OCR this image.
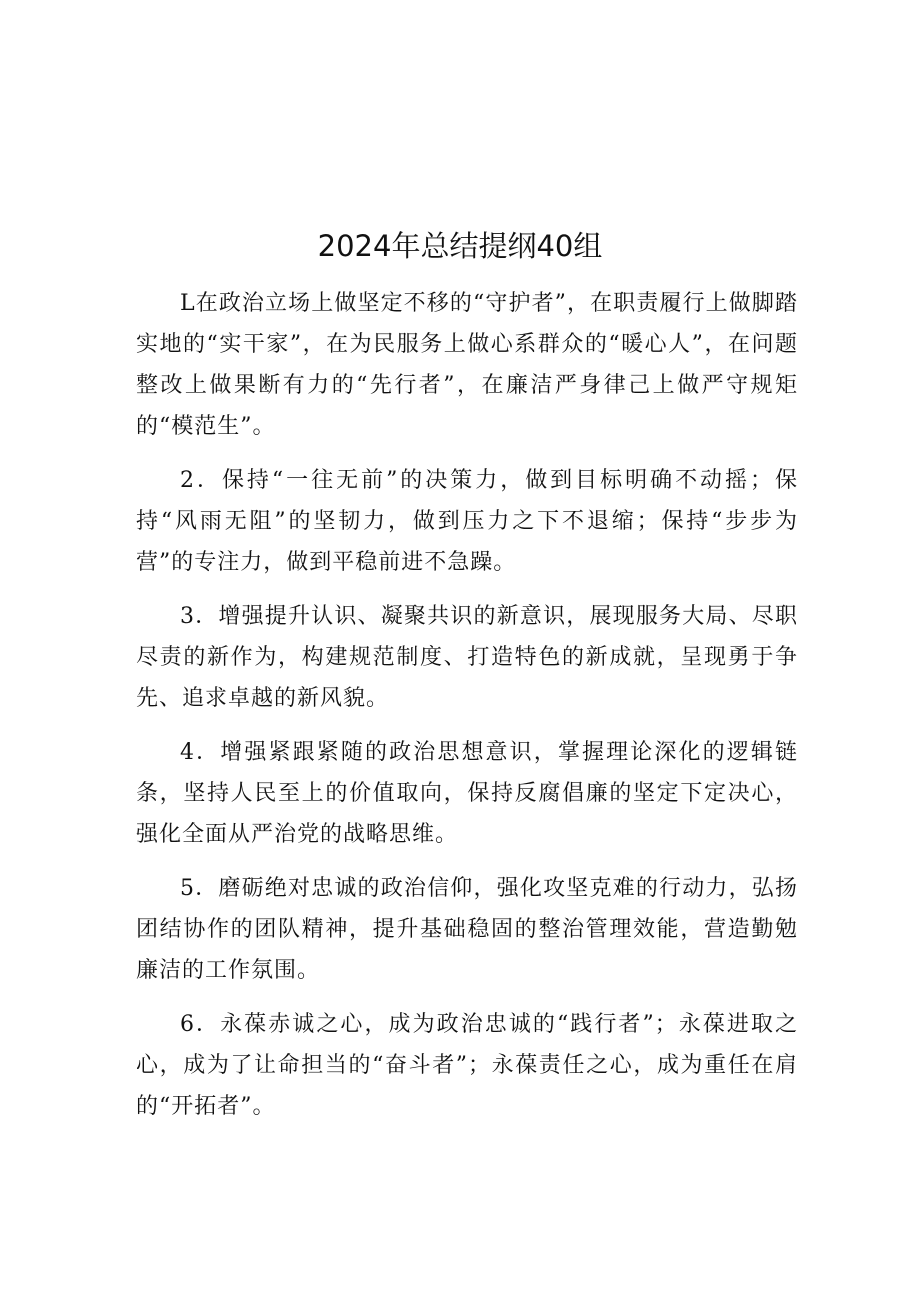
2024年总结提纲40组

L在政治立场上做坚定不移的“守护者”，在职责履行上做脚踏实地的“实干家”，在为民服务上做心系群众的“暖心人”，在问题整改上做果断有力的“先行者”，在廉洁严身律己上做严守规矩的“模范生”。

2．保持“一往无前”的决策力，做到目标明确不动摇；保持“风雨无阻”的坚韧力，做到压力之下不退缩；保持“步步为营”的专注力，做到平稳前进不急躁。

3．增强提升认识、凝聚共识的新意识，展现服务大局、尽职尽责的新作为，构建规范制度、打造特色的新成就，呈现勇于争先、追求卓越的新风貌。

4．增强紧跟紧随的政治思想意识，掌握理论深化的逻辑链条，坚持人民至上的价值取向，保持反腐倡廉的坚定下定决心，强化全面从严治党的战略思维。

5．磨砺绝对忠诚的政治信仰，强化攻坚克难的行动力，弘扬团结协作的团队精神，提升基础稳固的整治管理效能，营造勤勉廉洁的工作氛围。

6．永葆赤诚之心，成为政治忠诚的“践行者”；永葆进取之心，成为了让命担当的“奋斗者”；永葆责任之心，成为重任在肩的“开拓者”。
